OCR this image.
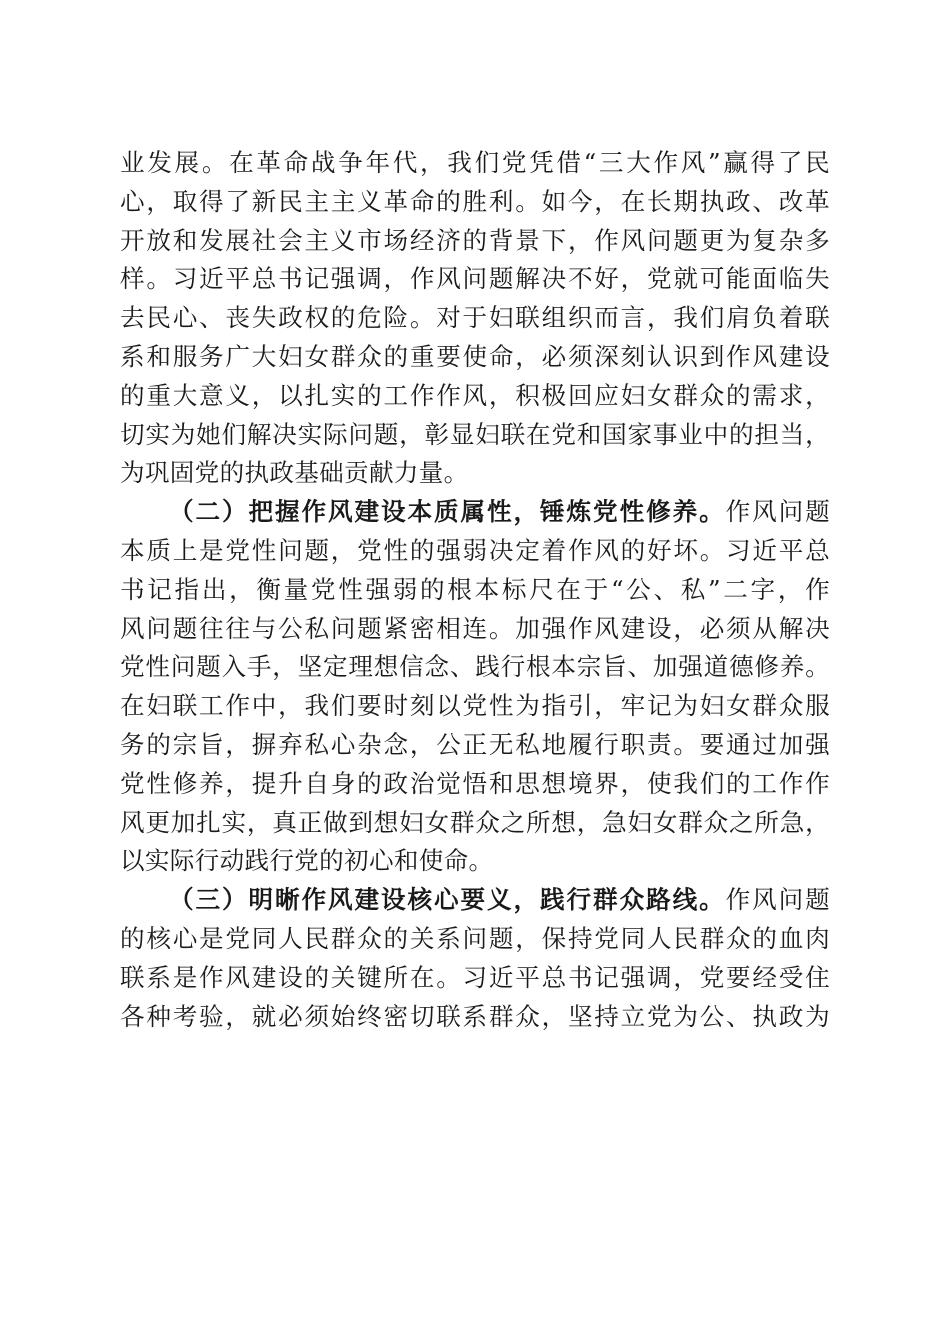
业发展。在革命战争年代，我们党凭借“三大作风”赢得了民
心，取得了新民主主义革命的胜利。如今，在长期执政、改革
开放和发展社会主义市场经济的背景下，作风问题更为复杂多
样。习近平总书记强调，作风问题解决不好，党就可能面临失
去民心、丧失政权的危险。对于妇联组织而言，我们肩负着联
系和服务广大妇女群众的重要使命，必须深刻认识到作风建设
的重大意义，以扎实的工作作风，积极回应妇女群众的需求，
切实为她们解决实际问题，彰显妇联在党和国家事业中的担当，
为巩固党的执政基础贡献力量。
（二）把握作风建设本质属性，锤炼党性修养。作风问题
本质上是党性问题，党性的强弱决定着作风的好坏。习近平总
书记指出，衡量党性强弱的根本标尺在于“公、私”二字，作
风问题往往与公私问题紧密相连。加强作风建设，必须从解决
党性问题入手，坚定理想信念、践行根本宗旨、加强道德修养。
在妇联工作中，我们要时刻以党性为指引，牢记为妇女群众服
务的宗旨，摒弃私心杂念，公正无私地履行职责。要通过加强
党性修养，提升自身的政治觉悟和思想境界，使我们的工作作
风更加扎实，真正做到想妇女群众之所想，急妇女群众之所急，
以实际行动践行党的初心和使命。
（三）明晰作风建设核心要义，践行群众路线。作风问题
的核心是党同人民群众的关系问题，保持党同人民群众的血肉
联系是作风建设的关键所在。习近平总书记强调，党要经受住
各种考验，就必须始终密切联系群众，坚持立党为公、执政为
